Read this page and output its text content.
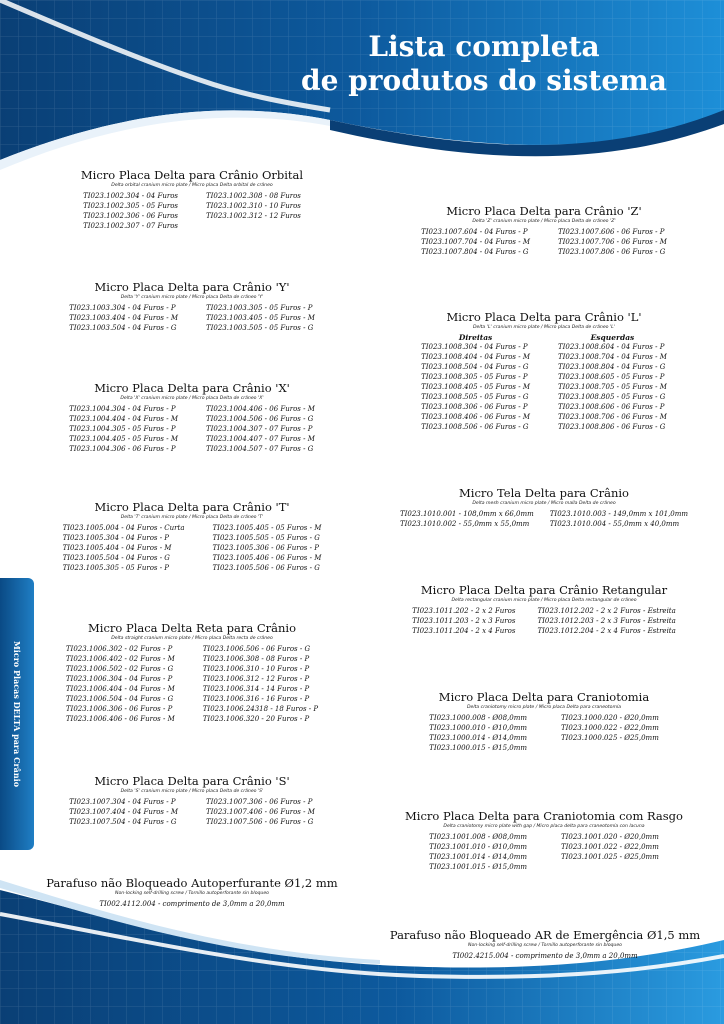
Lista completa
de produtos do sistema
Micro Placas DELTA para Crânio
Micro Placa Delta para Crânio Orbital
Delta orbital cranium micro plate / Micro placa Delta orbital de crâneo
TI023.1002.304 - 04 Furos
TI023.1002.305 - 05 Furos
TI023.1002.306 - 06 Furos
TI023.1002.307 - 07 Furos
TI023.1002.308 - 08 Furos
TI023.1002.310 - 10 Furos
TI023.1002.312 - 12 Furos
Micro Placa Delta para Crânio 'Y'
Delta 'Y' cranium micro plate / Micro placa Delta de crâneo 'Y'
TI023.1003.304 - 04 Furos - P
TI023.1003.404 - 04 Furos - M
TI023.1003.504 - 04 Furos - G
TI023.1003.305 - 05 Furos - P
TI023.1003.405 - 05 Furos - M
TI023.1003.505 - 05 Furos - G
Micro Placa Delta para Crânio 'X'
Delta 'X' cranium micro plate / Micro placa Delta de crâneo 'X'
TI023.1004.304 - 04 Furos - P
TI023.1004.404 - 04 Furos - M
TI023.1004.305 - 05 Furos - P
TI023.1004.405 - 05 Furos - M
TI023.1004.306 - 06 Furos - P
TI023.1004.406 - 06 Furos - M
TI023.1004.506 - 06 Furos - G
TI023.1004.307 - 07 Furos - P
TI023.1004.407 - 07 Furos - M
TI023.1004.507 - 07 Furos - G
Micro Placa Delta para Crânio 'T'
Delta 'T' cranium micro plate / Micro placa Delta de crâneo 'T'
TI023.1005.004 - 04 Furos - Curta
TI023.1005.304 - 04 Furos - P
TI023.1005.404 - 04 Furos - M
TI023.1005.504 - 04 Furos - G
TI023.1005.305 - 05 Furos - P
TI023.1005.405 - 05 Furos - M
TI023.1005.505 - 05 Furos - G
TI023.1005.306 - 06 Furos - P
TI023.1005.406 - 06 Furos - M
TI023.1005.506 - 06 Furos - G
Micro Placa Delta Reta para Crânio
Delta straight cranium micro plate / Micro placa Delta recta de crâneo
TI023.1006.302 - 02 Furos - P
TI023.1006.402 - 02 Furos - M
TI023.1006.502 - 02 Furos - G
TI023.1006.304 - 04 Furos - P
TI023.1006.404 - 04 Furos - M
TI023.1006.504 - 04 Furos - G
TI023.1006.306 - 06 Furos - P
TI023.1006.406 - 06 Furos - M
TI023.1006.506 - 06 Furos - G
TI023.1006.308 - 08 Furos - P
TI023.1006.310 - 10 Furos - P
TI023.1006.312 - 12 Furos - P
TI023.1006.314 - 14 Furos - P
TI023.1006.316 - 16 Furos - P
TI023.1006.24318 - 18 Furos - P
TI023.1006.320 - 20 Furos - P
Micro Placa Delta para Crânio 'S'
Delta 'S' cranium micro plate / Micro placa Delta de crâneo 'S'
TI023.1007.304 - 04 Furos - P
TI023.1007.404 - 04 Furos - M
TI023.1007.504 - 04 Furos - G
TI023.1007.306 - 06 Furos - P
TI023.1007.406 - 06 Furos - M
TI023.1007.506 - 06 Furos - G
Parafuso não Bloqueado Autoperfurante Ø1,2 mm
Non-locking self-drilling screw / Tornillo autoperforante sin bloqueo
TI002.4112.004 - comprimento de 3,0mm a 20,0mm
Micro Placa Delta para Crânio 'Z'
Delta 'Z' cranium micro plate / Micro placa Delta de crâneo 'Z'
TI023.1007.604 - 04 Furos - P
TI023.1007.704 - 04 Furos - M
TI023.1007.804 - 04 Furos - G
TI023.1007.606 - 06 Furos - P
TI023.1007.706 - 06 Furos - M
TI023.1007.806 - 06 Furos - G
Micro Placa Delta para Crânio 'L'
Delta 'L' cranium micro plate / Micro placa Delta de crâneo 'L'
Direitas
TI023.1008.304 - 04 Furos - P
TI023.1008.404 - 04 Furos - M
TI023.1008.504 - 04 Furos - G
TI023.1008.305 - 05 Furos - P
TI023.1008.405 - 05 Furos - M
TI023.1008.505 - 05 Furos - G
TI023.1008.306 - 06 Furos - P
TI023.1008.406 - 06 Furos - M
TI023.1008.506 - 06 Furos - G
Esquerdas
TI023.1008.604 - 04 Furos - P
TI023.1008.704 - 04 Furos - M
TI023.1008.804 - 04 Furos - G
TI023.1008.605 - 05 Furos - P
TI023.1008.705 - 05 Furos - M
TI023.1008.805 - 05 Furos - G
TI023.1008.606 - 06 Furos - P
TI023.1008.706 - 06 Furos - M
TI023.1008.806 - 06 Furos - G
Micro Tela Delta para Crânio
Delta mesh cranium micro plate / Micro malla Delta de crâneo
TI023.1010.001 - 108,0mm x 66,0mm
TI023.1010.002 - 55,0mm x 55,0mm
TI023.1010.003 - 149,0mm x 101,0mm
TI023.1010.004 - 55,0mm x 40,0mm
Micro Placa Delta para Crânio Retangular
Delta rectangular cranium micro plate / Micro placa Delta rectangular de crâneo
TI023.1011.202 - 2 x 2 Furos
TI023.1011.203 - 2 x 3 Furos
TI023.1011.204 - 2 x 4 Furos
TI023.1012.202 - 2 x 2 Furos - Estreita
TI023.1012.203 - 2 x 3 Furos - Estreita
TI023.1012.204 - 2 x 4 Furos - Estreita
Micro Placa Delta para Craniotomia
Delta craniotomy micro plate / Micro placa Delta para craneotomía
TI023.1000.008 - Ø08,0mm
TI023.1000.010 - Ø10,0mm
TI023.1000.014 - Ø14,0mm
TI023.1000.015 - Ø15,0mm
TI023.1000.020 - Ø20,0mm
TI023.1000.022 - Ø22,0mm
TI023.1000.025 - Ø25,0mm
Micro Placa Delta para Craniotomia com Rasgo
Delta craniotomy micro plate with gap / Micro placa delta para craneotomía con lacuna
TI023.1001.008 - Ø08,0mm
TI023.1001.010 - Ø10,0mm
TI023.1001.014 - Ø14,0mm
TI023.1001.015 - Ø15,0mm
TI023.1001.020 - Ø20,0mm
TI023.1001.022 - Ø22,0mm
TI023.1001.025 - Ø25,0mm
Parafuso não Bloqueado AR de Emergência Ø1,5 mm
Non-locking self-drilling screw / Tornillo autoperforante sin bloqueo
TI002.4215.004 - comprimento de 3,0mm a 20,0mm
